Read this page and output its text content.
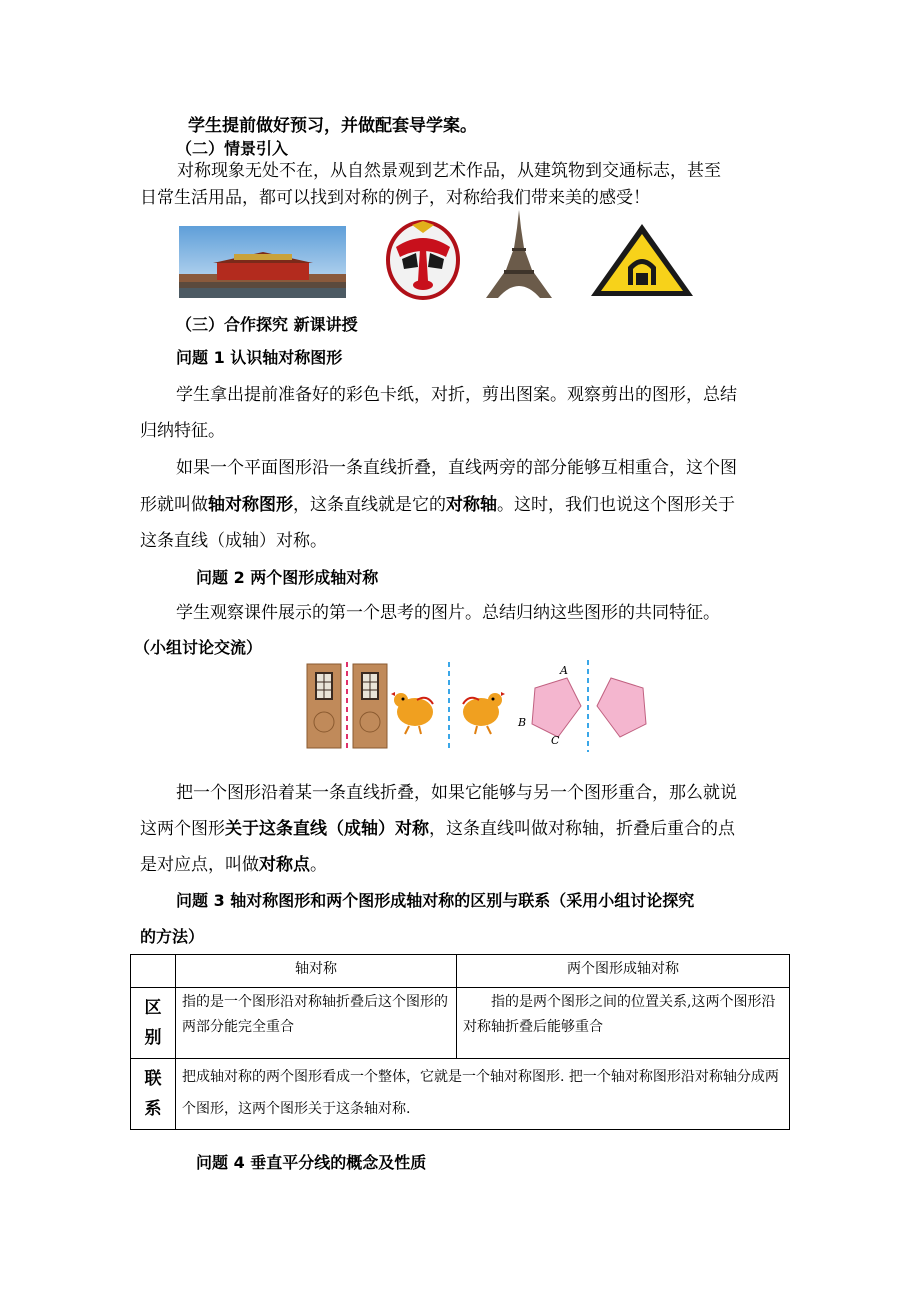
学生提前做好预习，并做配套导学案。
（二）情景引入
对称现象无处不在，从自然景观到艺术作品，从建筑物到交通标志，甚至
日常生活用品，都可以找到对称的例子，对称给我们带来美的感受！
（三）合作探究 新课讲授
问题 1 认识轴对称图形
学生拿出提前准备好的彩色卡纸，对折，剪出图案。观察剪出的图形，总结
归纳特征。
如果一个平面图形沿一条直线折叠，直线两旁的部分能够互相重合，这个图
形就叫做轴对称图形，这条直线就是它的对称轴。这时，我们也说这个图形关于
这条直线（成轴）对称。
问题 2 两个图形成轴对称
学生观察课件展示的第一个思考的图片。总结归纳这些图形的共同特征。
（小组讨论交流）
A
B
C
把一个图形沿着某一条直线折叠，如果它能够与另一个图形重合，那么就说
这两个图形关于这条直线（成轴）对称，这条直线叫做对称轴，折叠后重合的点
是对应点，叫做对称点。
问题 3 轴对称图形和两个图形成轴对称的区别与联系（采用小组讨论探究
的方法）
	轴对称	两个图形成轴对称
区
别	指的是一个图形沿对称轴折叠后这个图形的两部分能完全重合	指的是两个图形之间的位置关系,这两个图形沿对称轴折叠后能够重合
联
系	把成轴对称的两个图形看成一个整体，它就是一个轴对称图形. 把一个轴对称图形沿对称轴分成两个图形，这两个图形关于这条轴对称.	
问题 4 垂直平分线的概念及性质
